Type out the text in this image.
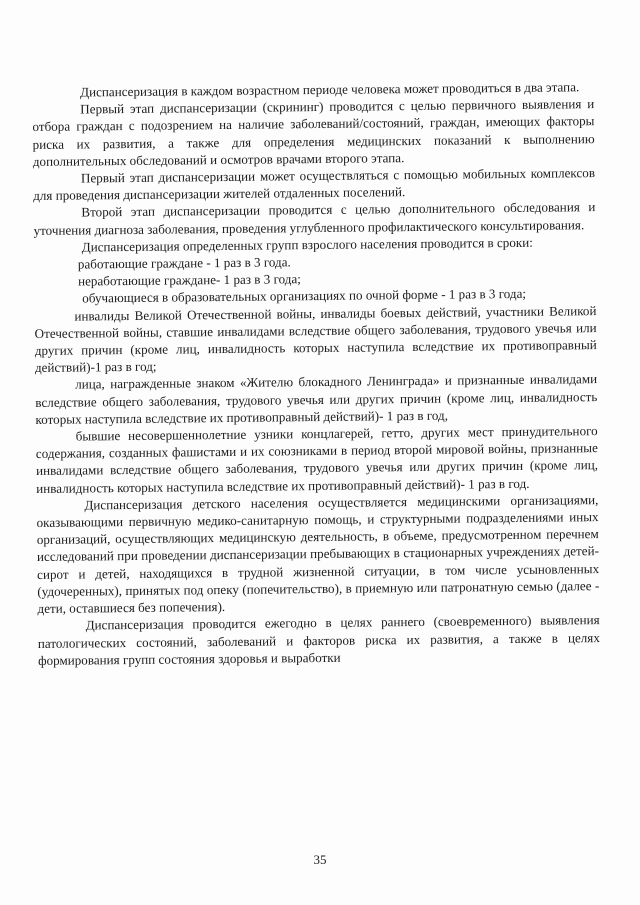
Диспансеризация в каждом возрастном периоде человека может проводиться в два этапа.

Первый этап диспансеризации (скрининг) проводится с целью первичного выявления и отбора граждан с подозрением на наличие заболеваний/состояний, граждан, имеющих факторы риска их развития, а также для определения медицинских показаний к выполнению дополнительных обследований и осмотров врачами второго этапа.

Первый этап диспансеризации может осуществляться с помощью мобильных комплексов для проведения диспансеризации жителей отдаленных поселений.

Второй этап диспансеризации проводится с целью дополнительного обследования и уточнения диагноза заболевания, проведения углубленного профилактического консультирования.

Диспансеризация определенных групп взрослого населения проводится в сроки:

работающие граждане - 1 раз в 3 года.

неработающие граждане- 1 раз в 3 года;

обучающиеся в образовательных организациях по очной форме - 1 раз в 3 года;

инвалиды Великой Отечественной войны, инвалиды боевых действий, участники Великой Отечественной войны, ставшие инвалидами вследствие общего заболевания, трудового увечья или других причин (кроме лиц, инвалидность которых наступила вследствие их противоправный действий)-1 раз в год;

лица, награжденные знаком «Жителю блокадного Ленинграда» и признанные инвалидами вследствие общего заболевания, трудового увечья или других причин (кроме лиц, инвалидность которых наступила вследствие их противоправный действий)- 1 раз в год,

бывшие несовершеннолетние узники концлагерей, гетто, других мест принудительного содержания, созданных фашистами и их союзниками в период второй мировой войны, признанные инвалидами вследствие общего заболевания, трудового увечья или других причин (кроме лиц, инвалидность которых наступила вследствие их противоправный действий)- 1 раз в год.

Диспансеризация детского населения осуществляется медицинскими организациями, оказывающими первичную медико-санитарную помощь, и структурными подразделениями иных организаций, осуществляющих медицинскую деятельность, в объеме, предусмотренном перечнем исследований при проведении диспансеризации пребывающих в стационарных учреждениях детей-сирот и детей, находящихся в трудной жизненной ситуации, в том числе усыновленных (удочеренных), принятых под опеку (попечительство), в приемную или патронатную семью (далее - дети, оставшиеся без попечения).

Диспансеризация проводится ежегодно в целях раннего (своевременного) выявления патологических состояний, заболеваний и факторов риска их развития, а также в целях формирования групп состояния здоровья и выработки

35
